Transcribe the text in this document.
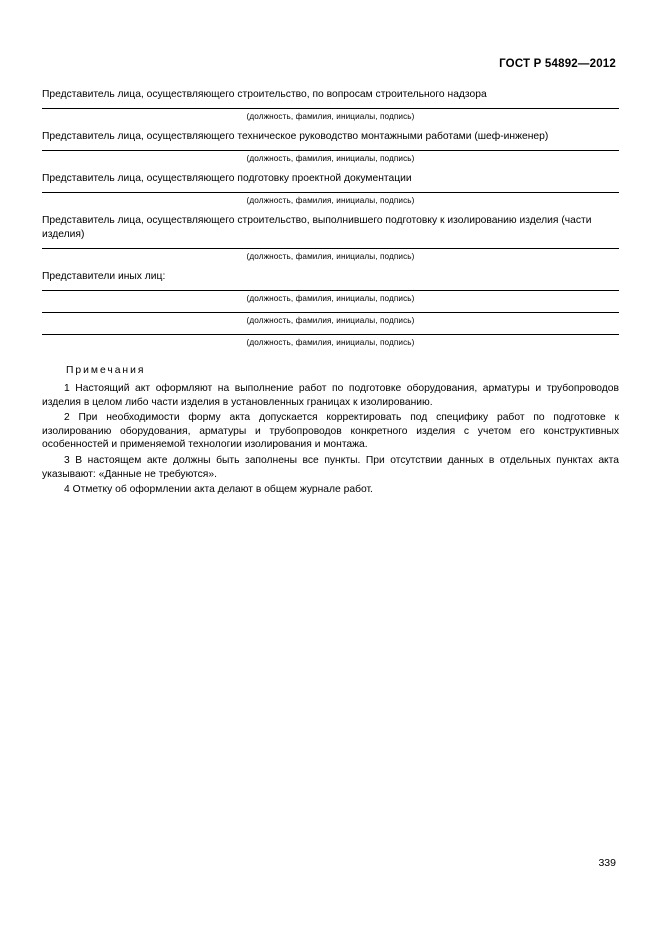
ГОСТ Р 54892—2012
Представитель лица, осуществляющего строительство, по вопросам строительного надзора
(должность, фамилия, инициалы, подпись)
Представитель лица, осуществляющего техническое руководство монтажными работами (шеф-инженер)
(должность, фамилия, инициалы, подпись)
Представитель лица, осуществляющего подготовку проектной документации
(должность, фамилия, инициалы, подпись)
Представитель лица, осуществляющего строительство, выполнившего подготовку к изолированию изделия (части изделия)
(должность, фамилия, инициалы, подпись)
Представители иных лиц:
(должность, фамилия, инициалы, подпись)
(должность, фамилия, инициалы, подпись)
(должность, фамилия, инициалы, подпись)
Примечания
1 Настоящий акт оформляют на выполнение работ по подготовке оборудования, арматуры и трубопроводов изделия в целом либо части изделия в установленных границах к изолированию.
2 При необходимости форму акта допускается корректировать под специфику работ по подготовке к изолированию оборудования, арматуры и трубопроводов конкретного изделия с учетом его конструктивных особенностей и применяемой технологии изолирования и монтажа.
3 В настоящем акте должны быть заполнены все пункты. При отсутствии данных в отдельных пунктах акта указывают: «Данные не требуются».
4 Отметку об оформлении акта делают в общем журнале работ.
339
